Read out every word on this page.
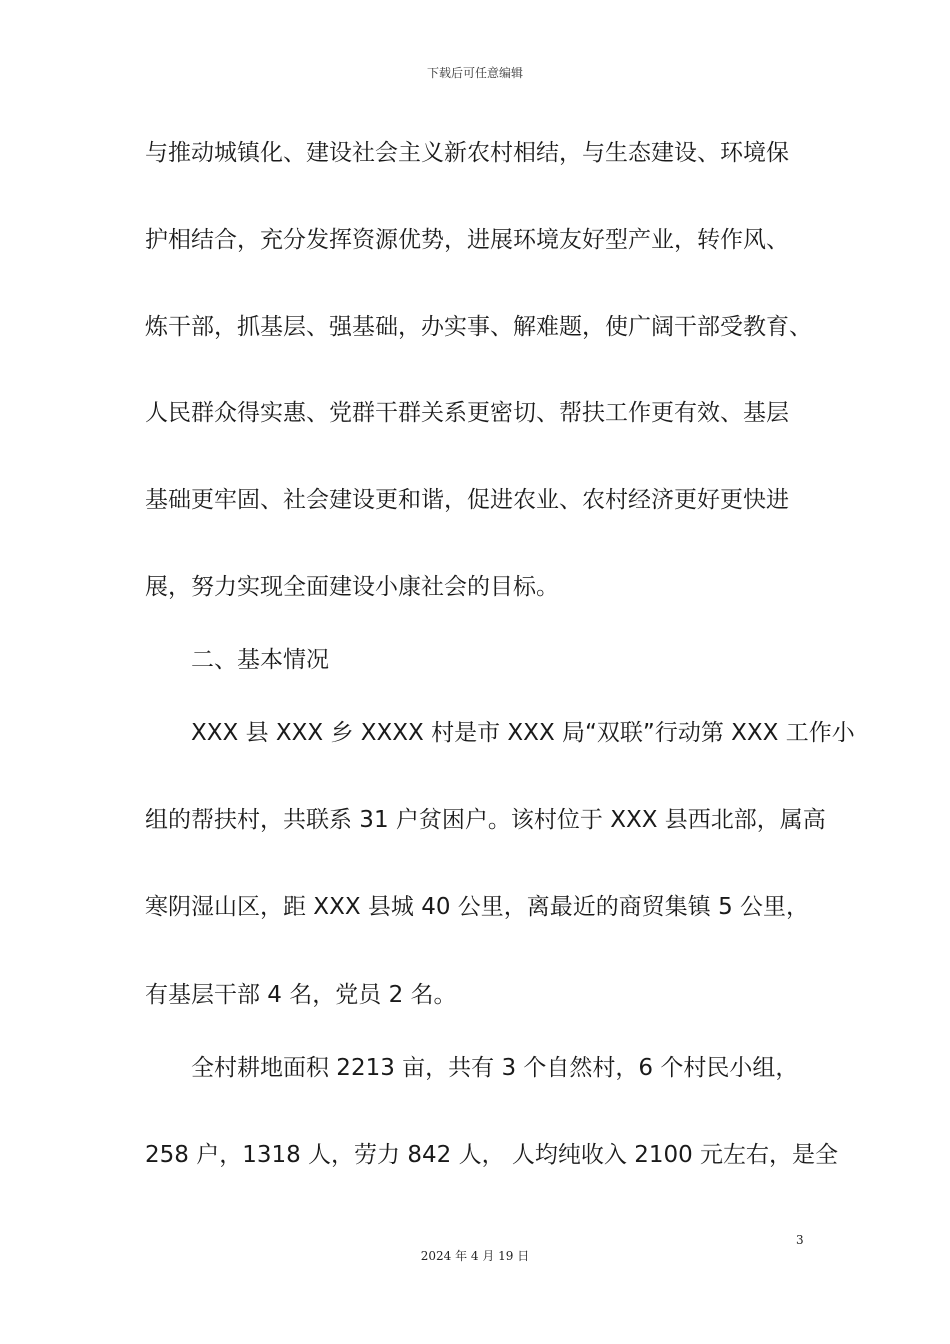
下载后可任意编辑
与推动城镇化、建设社会主义新农村相结，与生态建设、环境保
护相结合，充分发挥资源优势，进展环境友好型产业，转作风、
炼干部，抓基层、强基础，办实事、解难题，使广阔干部受教育、
人民群众得实惠、党群干群关系更密切、帮扶工作更有效、基层
基础更牢固、社会建设更和谐，促进农业、农村经济更好更快进
展，努力实现全面建设小康社会的目标。
二、基本情况
XXX 县 XXX 乡 XXXX 村是市 XXX 局“双联”行动第 XXX 工作小
组的帮扶村，共联系 31 户贫困户。该村位于 XXX 县西北部，属高
寒阴湿山区，距 XXX 县城 40 公里，离最近的商贸集镇 5 公里，
有基层干部 4 名，党员 2 名。
全村耕地面积 2213 亩，共有 3 个自然村，6 个村民小组，
258 户，1318 人，劳力 842 人， 人均纯收入 2100 元左右，是全
3
2024 年 4 月 19 日
